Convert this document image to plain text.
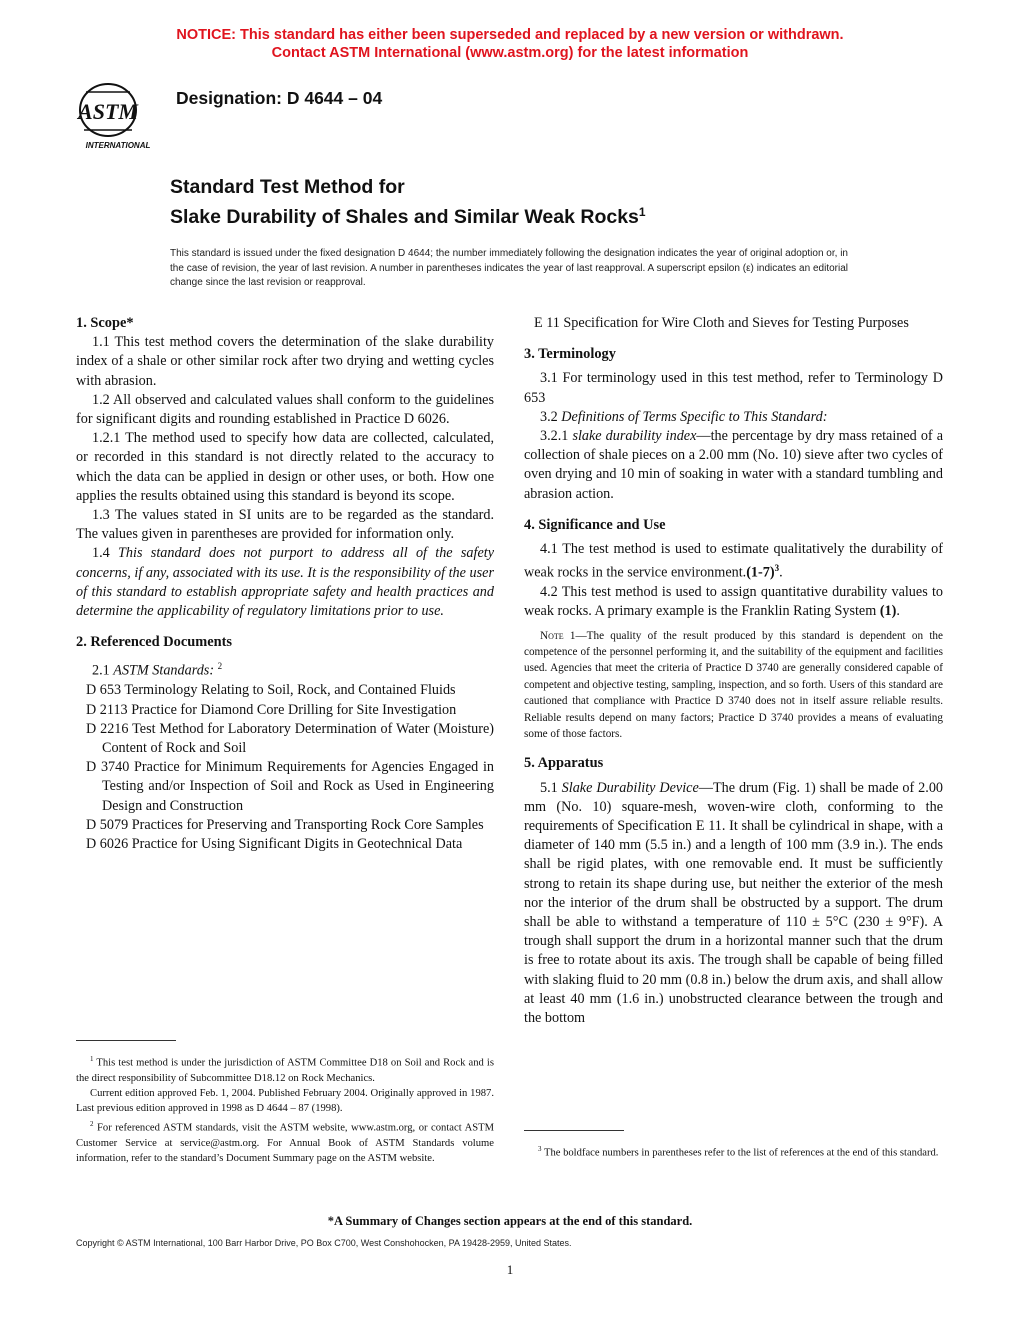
NOTICE: This standard has either been superseded and replaced by a new version or withdrawn.
Contact ASTM International (www.astm.org) for the latest information
ASTM
INTERNATIONAL
Designation: D 4644 – 04
Standard Test Method for
Slake Durability of Shales and Similar Weak Rocks$^1$
This standard is issued under the fixed designation D 4644; the number immediately following the designation indicates the year of original adoption or, in the case of revision, the year of last revision. A number in parentheses indicates the year of last reapproval. A superscript epsilon (ε) indicates an editorial change since the last revision or reapproval.
1. Scope*

1.1 This test method covers the determination of the slake durability index of a shale or other similar rock after two drying and wetting cycles with abrasion.

1.2 All observed and calculated values shall conform to the guidelines for significant digits and rounding established in Practice D 6026.

1.2.1 The method used to specify how data are collected, calculated, or recorded in this standard is not directly related to the accuracy to which the data can be applied in design or other uses, or both. How one applies the results obtained using this standard is beyond its scope.

1.3 The values stated in SI units are to be regarded as the standard. The values given in parentheses are provided for information only.

1.4 This standard does not purport to address all of the safety concerns, if any, associated with its use. It is the responsibility of the user of this standard to establish appropriate safety and health practices and determine the applicability of regulatory limitations prior to use.

2. Referenced Documents

2.1 ASTM Standards: $^2$

D 653 Terminology Relating to Soil, Rock, and Contained Fluids

D 2113 Practice for Diamond Core Drilling for Site Investigation

D 2216 Test Method for Laboratory Determination of Water (Moisture) Content of Rock and Soil

D 3740 Practice for Minimum Requirements for Agencies Engaged in Testing and/or Inspection of Soil and Rock as Used in Engineering Design and Construction

D 5079 Practices for Preserving and Transporting Rock Core Samples

D 6026 Practice for Using Significant Digits in Geotechnical Data

E 11 Specification for Wire Cloth and Sieves for Testing Purposes

3. Terminology

3.1 For terminology used in this test method, refer to Terminology D 653

3.2 Definitions of Terms Specific to This Standard:

3.2.1 slake durability index—the percentage by dry mass retained of a collection of shale pieces on a 2.00 mm (No. 10) sieve after two cycles of oven drying and 10 min of soaking in water with a standard tumbling and abrasion action.

4. Significance and Use

4.1 The test method is used to estimate qualitatively the durability of weak rocks in the service $environment.(1-7)^3$.

4.2 This test method is used to assign quantitative durability values to weak rocks. A primary example is the Franklin Rating System (1).

Note 1—The quality of the result produced by this standard is dependent on the competence of the personnel performing it, and the suitability of the equipment and facilities used. Agencies that meet the criteria of Practice D 3740 are generally considered capable of competent and objective testing, sampling, inspection, and so forth. Users of this standard are cautioned that compliance with Practice D 3740 does not in itself assure reliable results. Reliable results depend on many factors; Practice D 3740 provides a means of evaluating some of those factors.

5. Apparatus

5.1 Slake Durability Device—The drum (Fig. 1) shall be made of 2.00 mm (No. 10) square-mesh, woven-wire cloth, conforming to the requirements of Specification E 11. It shall be cylindrical in shape, with a diameter of 140 mm (5.5 in.) and a length of 100 mm (3.9 in.). The ends shall be rigid plates, with one removable end. It must be sufficiently strong to retain its shape during use, but neither the exterior of the mesh nor the interior of the drum shall be obstructed by a support. The drum shall be able to withstand a temperature of 110 ± 5°C (230 ± 9°F). A trough shall support the drum in a horizontal manner such that the drum is free to rotate about its axis. The trough shall be capable of being filled with slaking fluid to 20 mm (0.8 in.) below the drum axis, and shall allow at least 40 mm (1.6 in.) unobstructed clearance between the trough and the bottom

$^1$ This test method is under the jurisdiction of ASTM Committee D18 on Soil and Rock and is the direct responsibility of Subcommittee D18.12 on Rock Mechanics.

Current edition approved Feb. 1, 2004. Published February 2004. Originally approved in 1987. Last previous edition approved in 1998 as D 4644 – 87 (1998).

$^2$ For referenced ASTM standards, visit the ASTM website, www.astm.org, or contact ASTM Customer Service at service@astm.org. For Annual Book of ASTM Standards volume information, refer to the standard’s Document Summary page on the ASTM website.

$^3$ The boldface numbers in parentheses refer to the list of references at the end of this standard.

*A Summary of Changes section appears at the end of this standard.
Copyright © ASTM International, 100 Barr Harbor Drive, PO Box C700, West Conshohocken, PA 19428-2959, United States.
1
